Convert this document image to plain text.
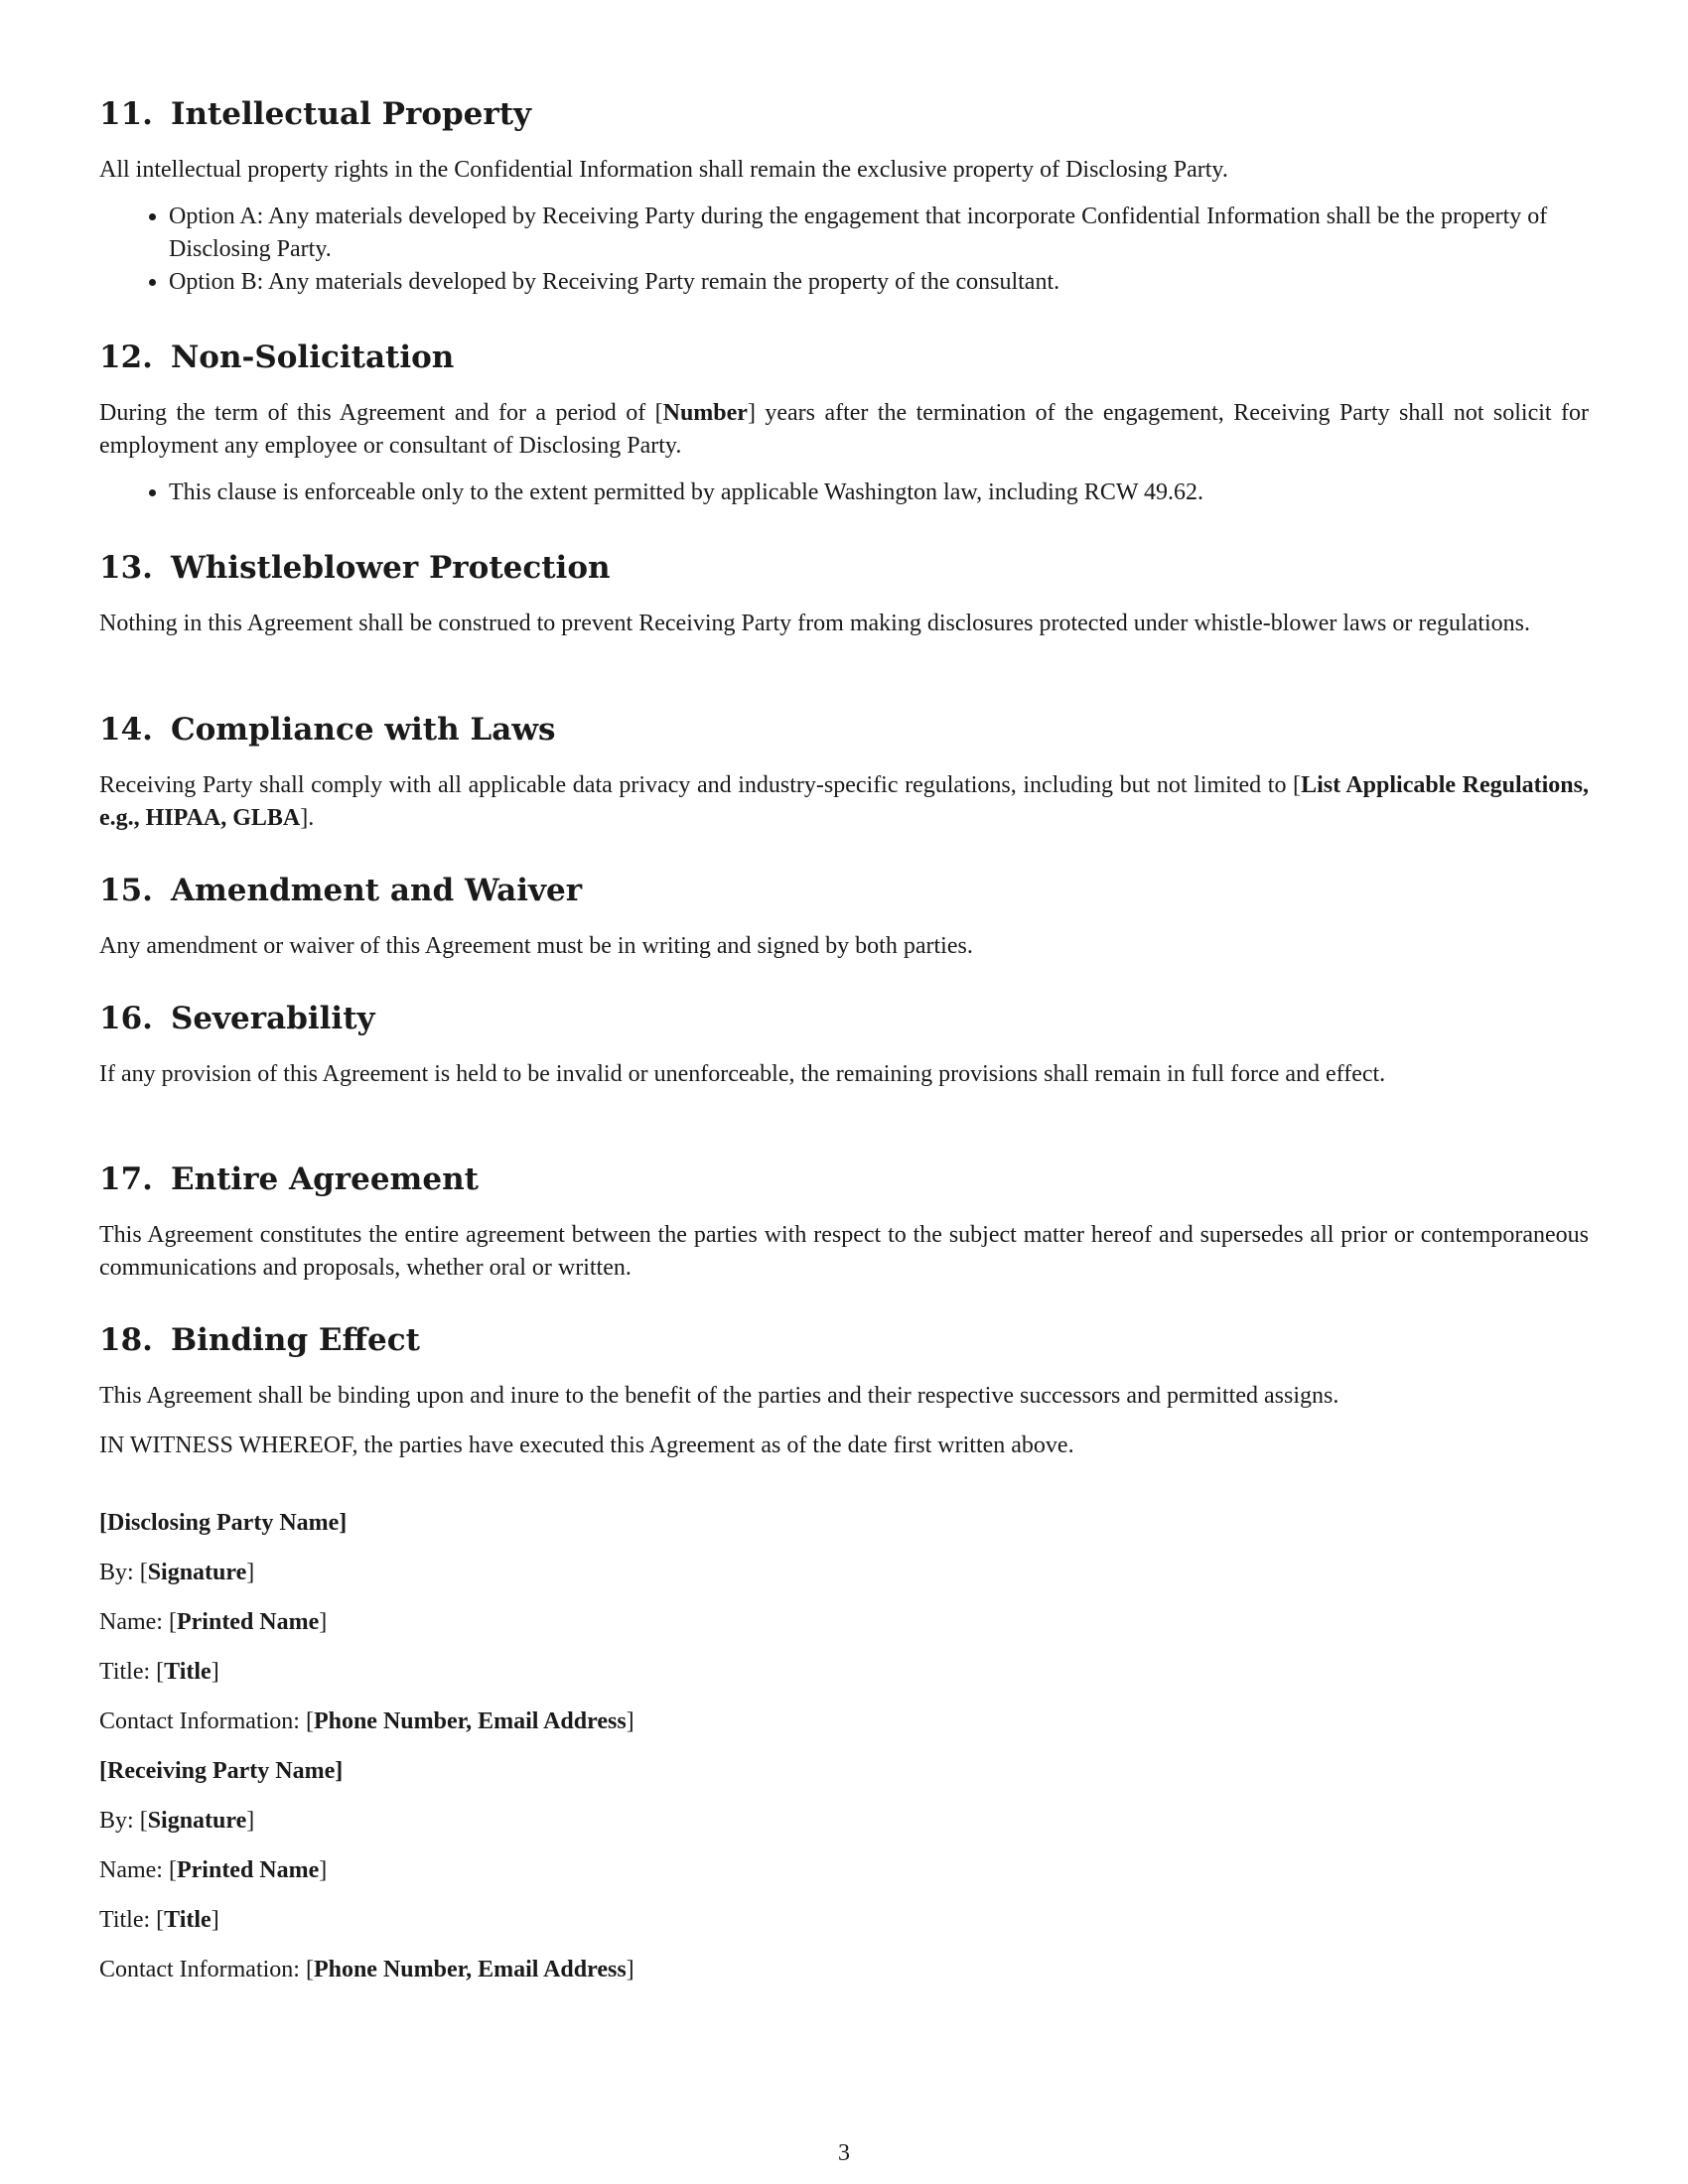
11. Intellectual Property

All intellectual property rights in the Confidential Information shall remain the exclusive property of Disclosing Party.

• Option A: Any materials developed by Receiving Party during the engagement that incorporate Confidential Information shall be the property of Disclosing Party.
• Option B: Any materials developed by Receiving Party remain the property of the consultant.
12. Non-Solicitation

During the term of this Agreement and for a period of [Number] years after the termination of the engagement, Receiving Party shall not solicit for employment any employee or consultant of Disclosing Party.

• This clause is enforceable only to the extent permitted by applicable Washington law, including RCW 49.62.
13. Whistleblower Protection

Nothing in this Agreement shall be construed to prevent Receiving Party from making disclosures protected under whistle-blower laws or regulations.

14. Compliance with Laws

Receiving Party shall comply with all applicable data privacy and industry-specific regulations, including but not limited to [List Applicable Regulations, e.g., HIPAA, GLBA].

15. Amendment and Waiver

Any amendment or waiver of this Agreement must be in writing and signed by both parties.

16. Severability

If any provision of this Agreement is held to be invalid or unenforceable, the remaining provisions shall remain in full force and effect.

17. Entire Agreement

This Agreement constitutes the entire agreement between the parties with respect to the subject matter hereof and supersedes all prior or contemporaneous communications and proposals, whether oral or written.

18. Binding Effect

This Agreement shall be binding upon and inure to the benefit of the parties and their respective successors and permitted assigns.

IN WITNESS WHEREOF, the parties have executed this Agreement as of the date first written above.

[Disclosing Party Name]
By: [Signature]
Name: [Printed Name]
Title: [Title]
Contact Information: [Phone Number, Email Address]
[Receiving Party Name]
By: [Signature]
Name: [Printed Name]
Title: [Title]
Contact Information: [Phone Number, Email Address]
3
